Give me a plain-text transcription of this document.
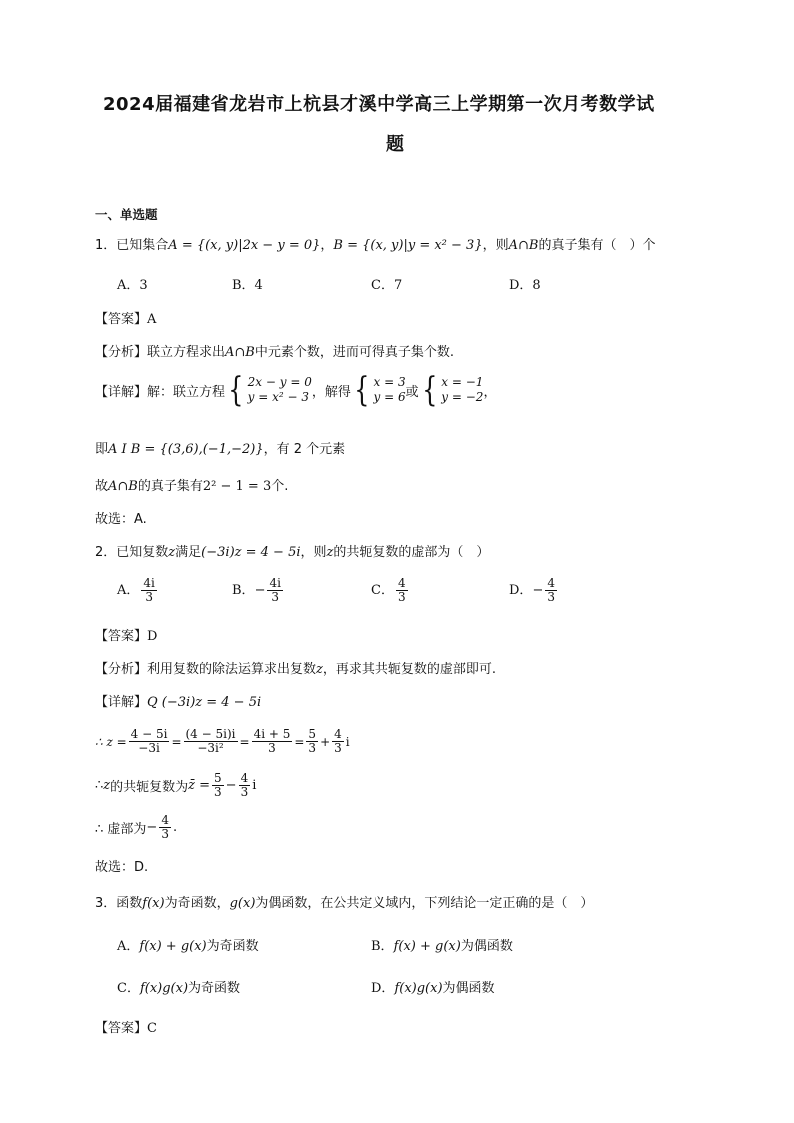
2024届福建省龙岩市上杭县才溪中学高三上学期第一次月考数学试
题
一、单选题
1．已知集合A = {(x, y)|2x − y = 0}，B = {(x, y)|y = x² − 3}，则A∩B的真子集有（　）个
A．3	B．4	C．7	D．8
【答案】A
【分析】联立方程求出A∩B中元素个数，进而可得真子集个数.
【详解】 解：联立方程 { 2x − y = 0
y = x² − 3 ，解得 { x = 3
y = 6 或 { x = −1
y = −2 ，
即A I B = {(3,6),(−1,−2)}，有 2 个元素
故A∩B的真子集有2² − 1 = 3个.
故选：A.
2．已知复数z满足(−3i)z = 4 − 5i，则z的共轭复数的虚部为（　）
A． $\frac{4i}{3}$	B．− $\frac{4i}{3}$	C． $\frac{4}{3}$	D．− $\frac{4}{3}$
【答案】D
【分析】利用复数的除法运算求出复数z，再求其共轭复数的虚部即可.
【详解】Q (−3i)z = 4 − 5i
∴ $z = \frac{4 - 5i}{-3i} = \frac{(4 - 5i)i}{\text{−3i²}} = \frac{4i + 5}{3} = \frac{5}{3} + \frac{4}{3}$ i
∴ z 的共轭复数为 z̄ = $\frac{5}{3} - \frac{4}{3}$ i
∴ 虚部为 − $\frac{4}{3}$ .
故选：D.
3．函数f(x)为奇函数，g(x)为偶函数，在公共定义域内，下列结论一定正确的是（　）
A．f(x) + g(x)为奇函数	B．f(x) + g(x)为偶函数
C．f(x)g(x)为奇函数	D．f(x)g(x)为偶函数
【答案】C
